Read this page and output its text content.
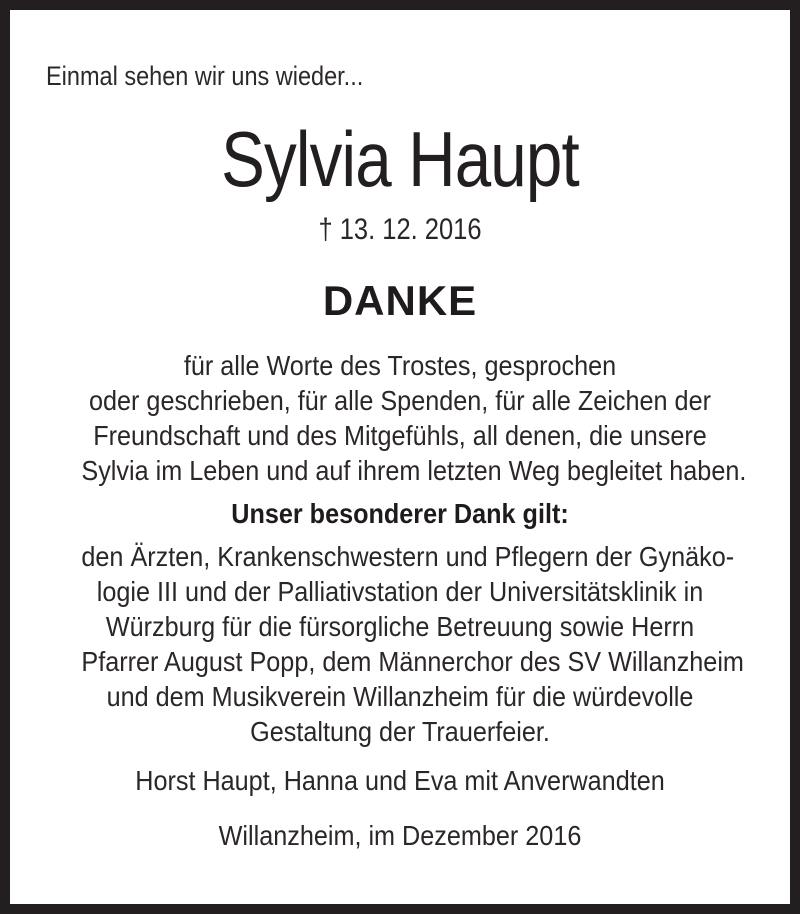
Einmal sehen wir uns wieder...

Sylvia Haupt
† 13. 12. 2016
DANKE
für alle Worte des Trostes, gesprochen
oder geschrieben, für alle Spenden, für alle Zeichen der
Freundschaft und des Mitgefühls, all denen, die unsere
Sylvia im Leben und auf ihrem letzten Weg begleitet haben.
Unser besonderer Dank gilt:
den Ärzten, Krankenschwestern und Pflegern der Gynäko-
logie III und der Palliativstation der Universitätsklinik in
Würzburg für die fürsorgliche Betreuung sowie Herrn
Pfarrer August Popp, dem Männerchor des SV Willanzheim
und dem Musikverein Willanzheim für die würdevolle
Gestaltung der Trauerfeier.
Horst Haupt, Hanna und Eva mit Anverwandten
Willanzheim, im Dezember 2016
